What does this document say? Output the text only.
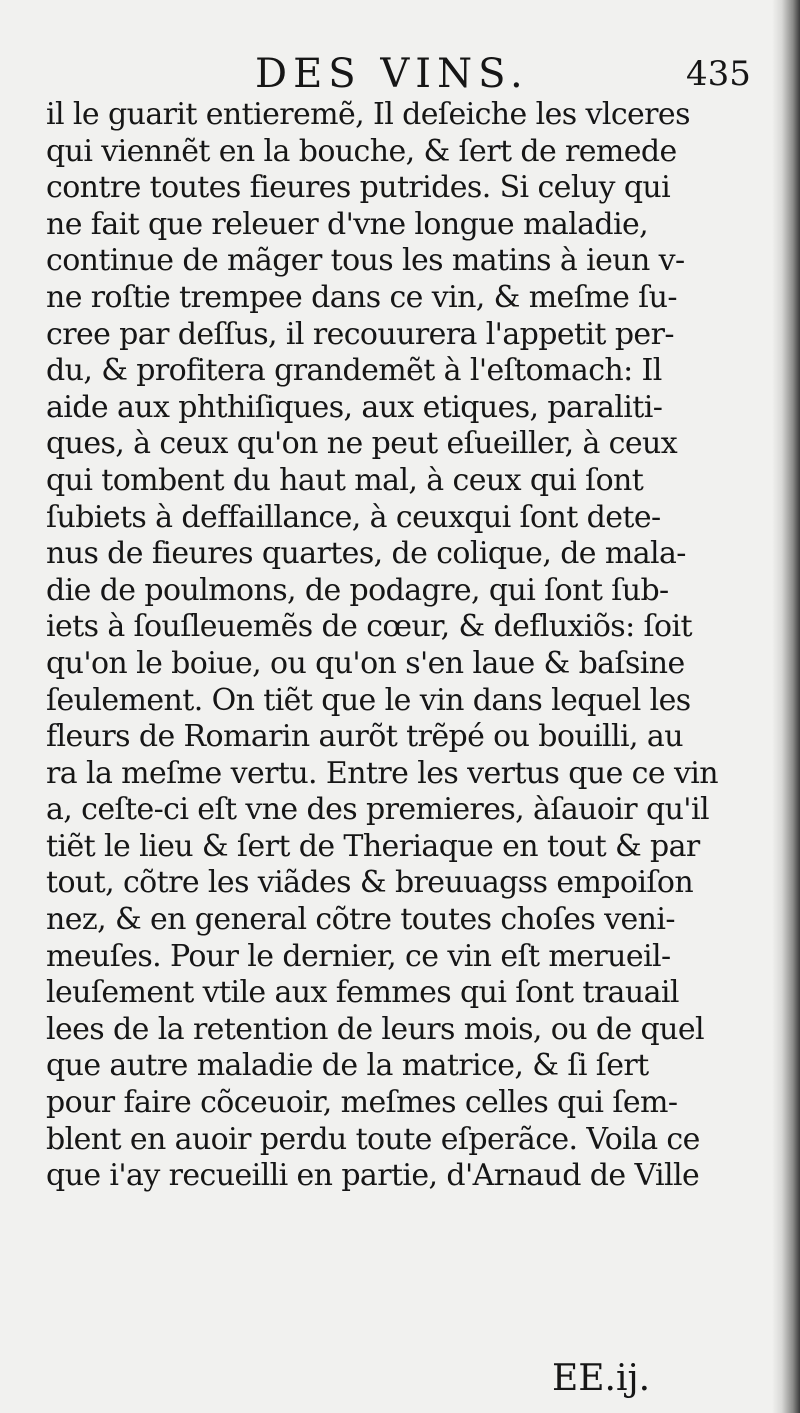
DES VINS.	435
il le guarit entieremẽ, Il deſeiche les vlceres
qui viennẽt en la bouche, & ſert de remede
contre toutes fieures putrides. Si celuy qui
ne fait que releuer d'vne longue maladie,
continue de mãger tous les matins à ieun v-
ne roſtie trempee dans ce vin, & meſme ſu-
cree par deſſus, il recouurera l'appetit per-
du, & profitera grandemẽt à l'eſtomach: Il
aide aux phthiſiques, aux etiques, paraliti-
ques, à ceux qu'on ne peut eſueiller, à ceux
qui tombent du haut mal, à ceux qui ſont
ſubiets à deffaillance, à ceuxqui ſont dete-
nus de fieures quartes, de colique, de mala-
die de poulmons, de podagre, qui ſont ſub-
iets à ſouſleuemẽs de cœur, & defluxiõs: ſoit
qu'on le boiue, ou qu'on s'en laue & baſsine
ſeulement. On tiẽt que le vin dans lequel les
fleurs de Romarin aurõt trẽpé ou bouilli, au
ra la meſme vertu. Entre les vertus que ce vin
a, ceſte-ci eſt vne des premieres, àſauoir qu'il
tiẽt le lieu & ſert de Theriaque en tout & par
tout, cõtre les viãdes & breuuagss empoiſon
nez, & en general cõtre toutes choſes veni-
meuſes. Pour le dernier, ce vin eſt merueil-
leuſement vtile aux femmes qui ſont trauail
lees de la retention de leurs mois, ou de quel
que autre maladie de la matrice, & ſi ſert
pour faire cõceuoir, meſmes celles qui ſem-
blent en auoir perdu toute eſperãce. Voila ce
que i'ay recueilli en partie, d'Arnaud de Ville
EE.ij.
